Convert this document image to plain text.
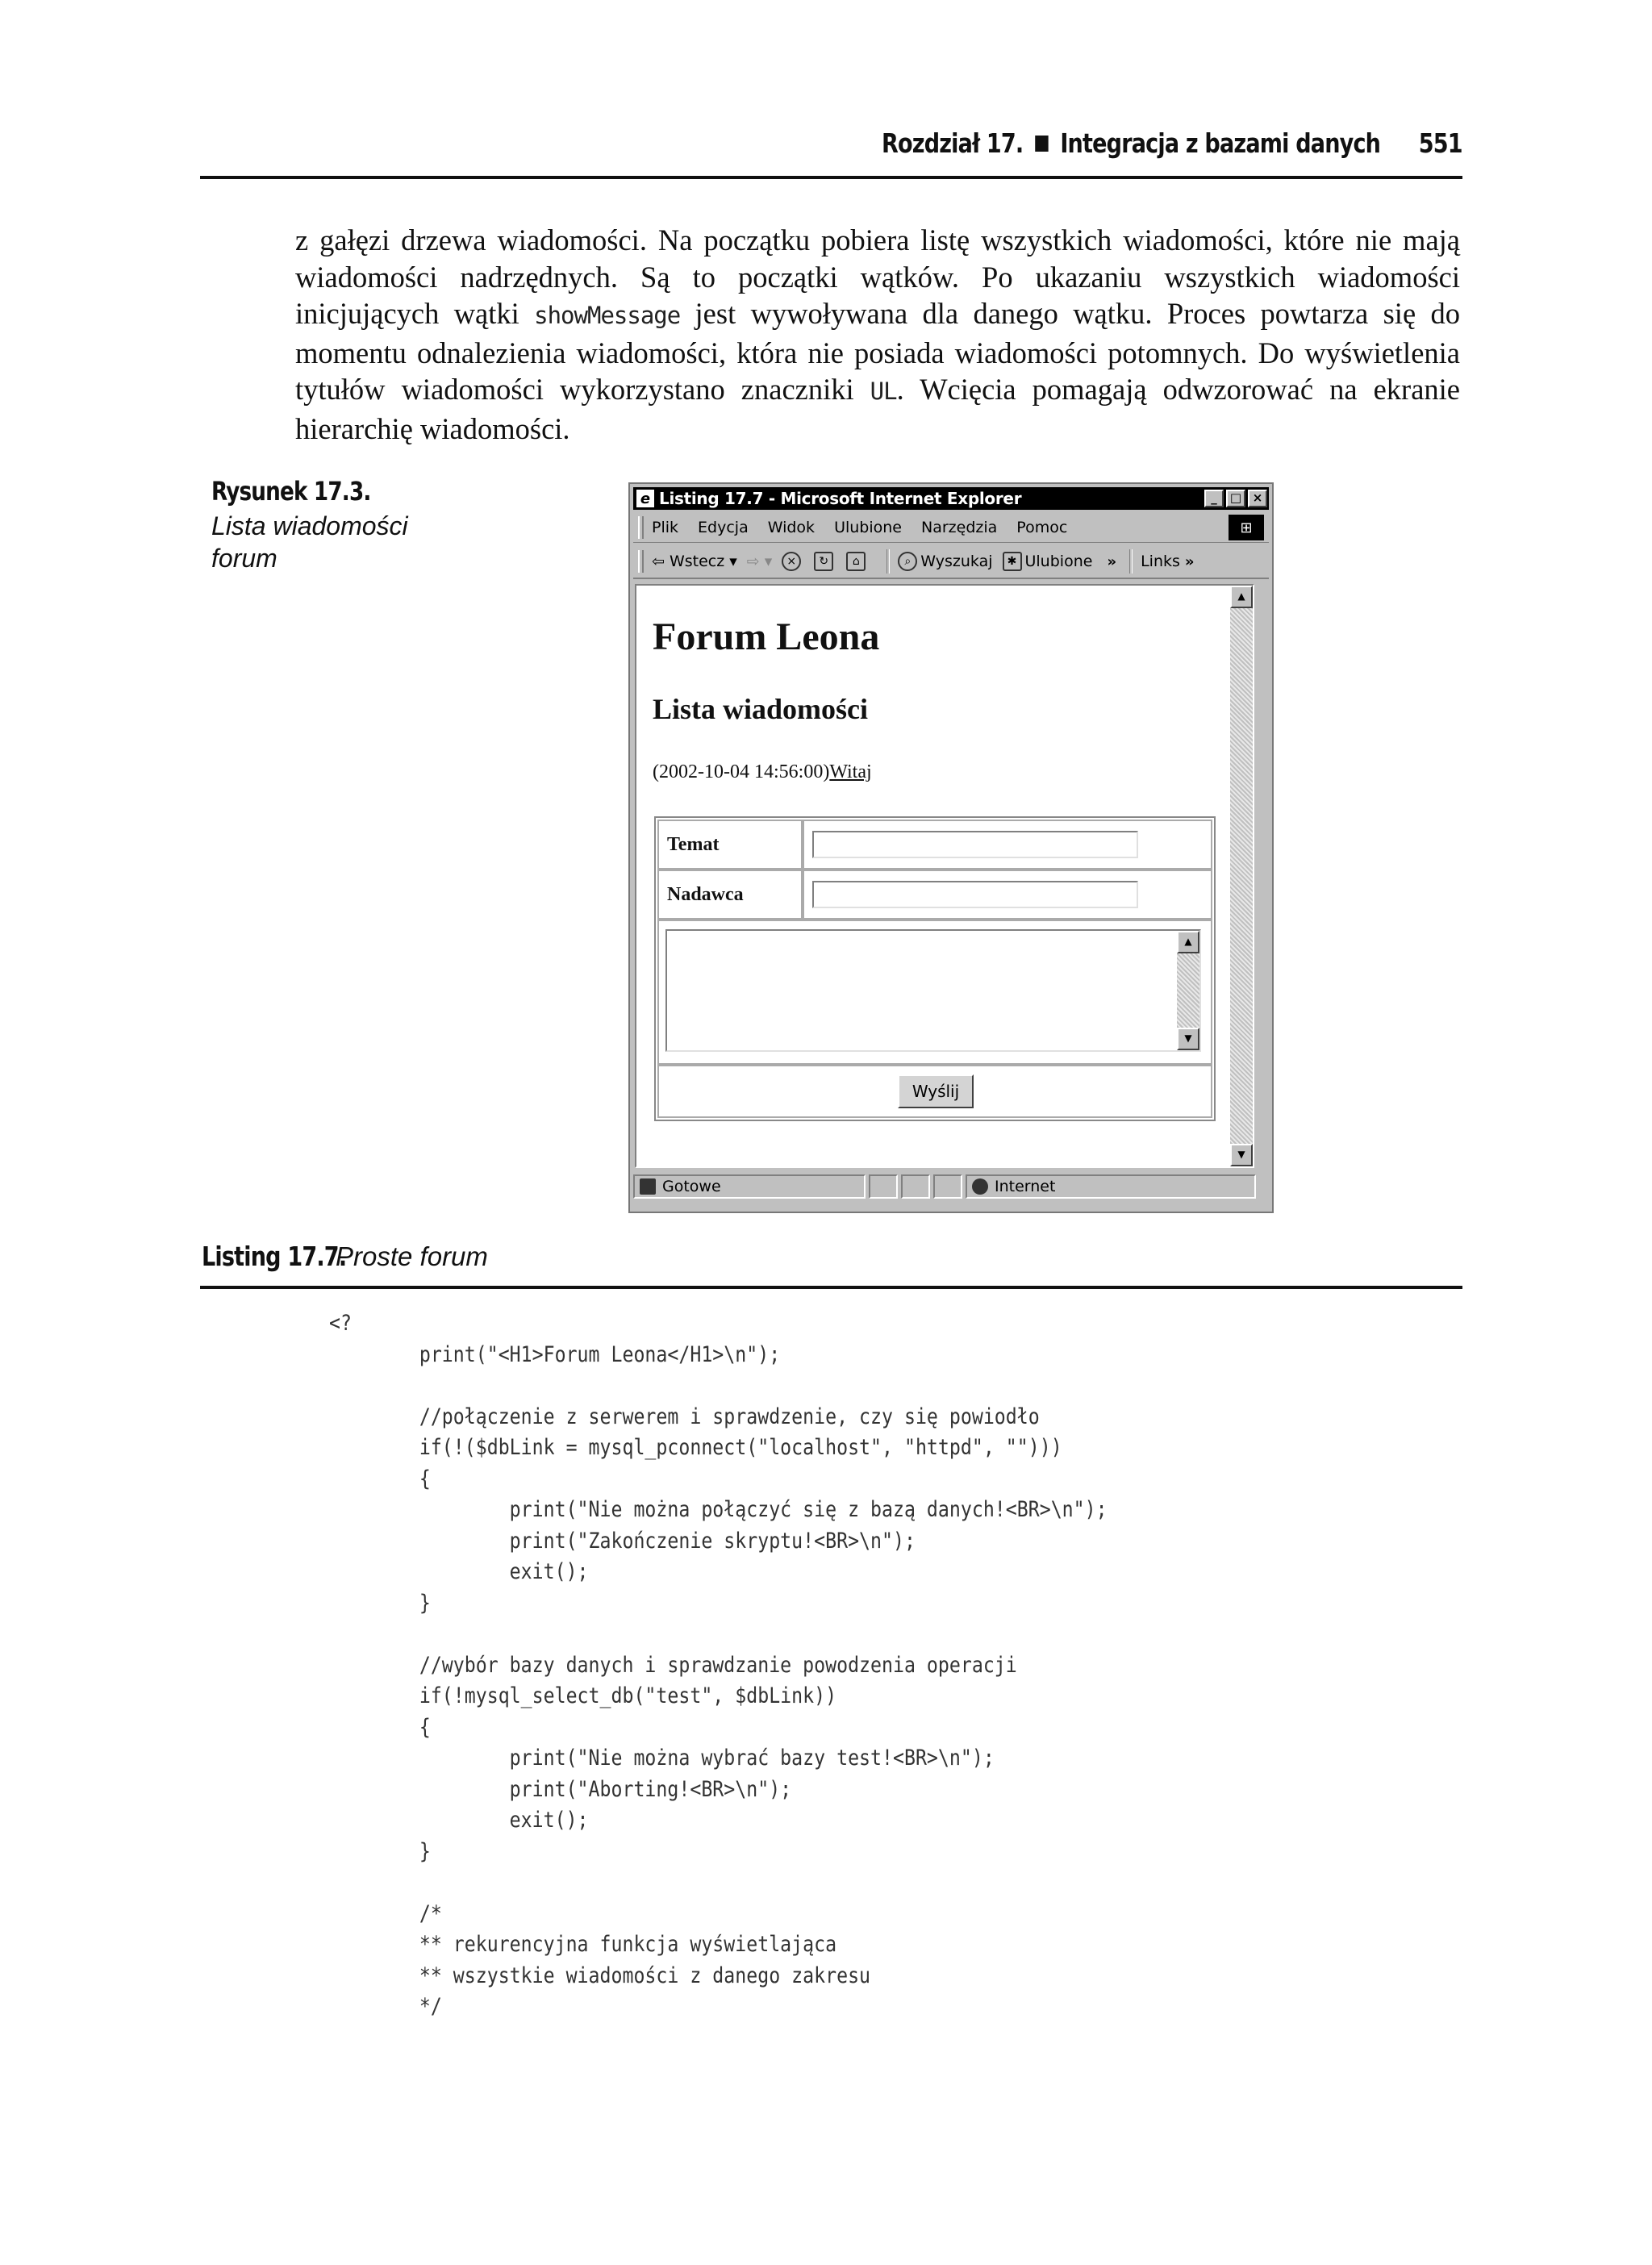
Rozdział 17. Integracja z bazami danych 551
z gałęzi drzewa wiadomości. Na początku pobiera listę wszystkich wiadomości, które nie mają wiadomości nadrzędnych. Są to początki wątków. Po ukazaniu wszystkich wiadomości inicjujących wątki showMessage jest wywoływana dla danego wątku. Proces powtarza się do momentu odnalezienia wiadomości, która nie posiada wiadomości potomnych. Do wyświetlenia tytułów wiadomości wykorzystano znaczniki UL. Wcięcia pomagają odwzorować na ekranie hierarchię wiadomości.
Rysunek 17.3.
Lista wiadomości forum
e Listing 17.7 - Microsoft Internet Explorer	_	□ ×
Plik Edycja Widok Ulubione Narzędzia Pomoc	⊞
⇦ Wstecz ▾ ⇨ ▾	×	↻	⌂	⌕ Wyszukaj	✱ Ulubione » Links »
Forum Leona
Lista wiadomości
(2002-10-04 14:56:00)Witaj
Temat
Nadawca
▲
▼
Wyślij
▲
▼
Gotowe	Internet
Listing 17.7.
Proste forum
<?
print("<H1>Forum Leona</H1>\n");

//połączenie z serwerem i sprawdzenie, czy się powiodło
if(!($dbLink = mysql_pconnect("localhost", "httpd", "")))
{
print("Nie można połączyć się z bazą danych!<BR>\n");
print("Zakończenie skryptu!<BR>\n");
exit();
}

//wybór bazy danych i sprawdzanie powodzenia operacji
if(!mysql_select_db("test", $dbLink))
{
print("Nie można wybrać bazy test!<BR>\n");
print("Aborting!<BR>\n");
exit();
}

/*
** rekurencyjna funkcja wyświetlająca
** wszystkie wiadomości z danego zakresu
*/
